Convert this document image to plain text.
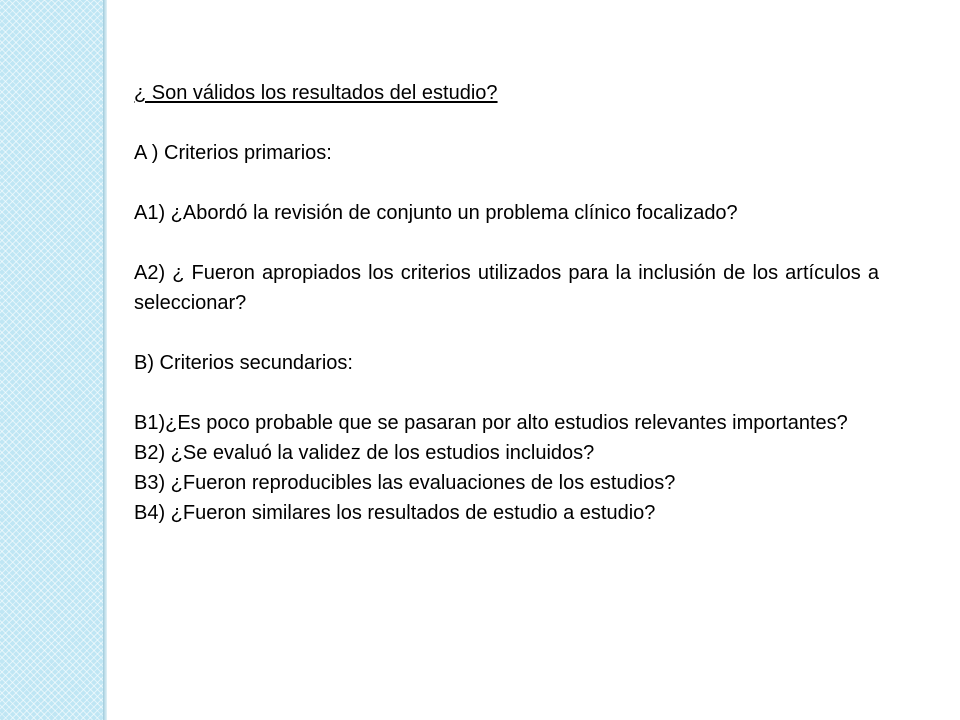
¿ Son válidos los resultados del estudio?

A ) Criterios primarios:

A1) ¿Abordó la revisión de conjunto un problema clínico focalizado?

A2) ¿ Fueron apropiados los criterios utilizados para la inclusión de los artículos a seleccionar?

B) Criterios secundarios:

B1)¿Es poco probable que se pasaran por alto estudios relevantes importantes?

B2) ¿Se evaluó la validez de los estudios incluidos?

B3) ¿Fueron reproducibles las evaluaciones de los estudios?

B4) ¿Fueron similares los resultados de estudio a estudio?
